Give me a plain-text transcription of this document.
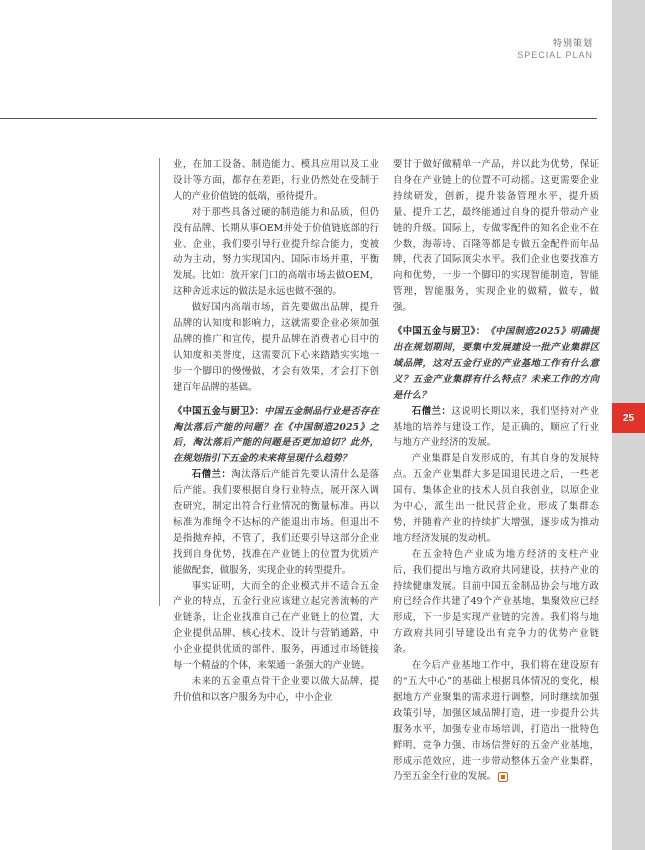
特别策划
SPECIAL PLAN
25

业，在加工设备、制造能力、模具应用以及工业设计等方面，都存在差距，行业仍然处在受制于人的产业价值链的低端，亟待提升。

对于那些具备过硬的制造能力和品质，但仍没有品牌、长期从事OEM并处于价值链底部的行业、企业，我们要引导行业提升综合能力，变被动为主动，努力实现国内、国际市场并重，平衡发展。比如：放开家门口的高端市场去做OEM，这种舍近求远的做法是永远也做不强的。

做好国内高端市场，首先要做出品牌，提升品牌的认知度和影响力，这就需要企业必须加强品牌的推广和宣传，提升品牌在消费者心目中的认知度和美誉度，这需要沉下心来踏踏实实地一步一个脚印的慢慢做，才会有效果，才会打下创建百年品牌的基础。

《中国五金与厨卫》：中国五金制品行业是否存在淘汰落后产能的问题？在《中国制造2025》之后，淘汰落后产能的问题是否更加迫切？此外，在规划指引下五金的未来将呈现什么趋势？

石僧兰：淘汰落后产能首先要认清什么是落后产能。我们要根据自身行业特点，展开深入调查研究，制定出符合行业情况的衡量标准。再以标准为准绳令不达标的产能退出市场。但退出不是指抛弃掉，不管了，我们还要引导这部分企业找到自身优势，找准在产业链上的位置为优质产能做配套，做服务，实现企业的转型提升。

事实证明，大而全的企业模式并不适合五金产业的特点，五金行业应该建立起完善流畅的产业链条，让企业找准自己在产业链上的位置，大企业提供品牌、核心技术、设计与营销通路，中小企业提供优质的部件、服务，再通过市场链接每一个精益的个体，来架通一条强大的产业链。

未来的五金重点骨干企业要以做大品牌，提升价值和以客户服务为中心，中小企业

要甘于做好做精单一产品，并以此为优势，保证自身在产业链上的位置不可动摇。这更需要企业持续研发，创新，提升装备管理水平，提升质量、提升工艺，最终能通过自身的提升带动产业链的升级。国际上，专做零配件的知名企业不在少数，海蒂诗、百隆等都是专做五金配件而年品牌，代表了国际顶尖水平。我们企业也要找准方向和优势，一步一个脚印的实现智能制造，智能管理，智能服务，实现企业的做精，做专，做强。

《中国五金与厨卫》：《中国制造2025》明确提出在规划期间，要集中发展建设一批产业集群区域品牌，这对五金行业的产业基地工作有什么意义？五金产业集群有什么特点？未来工作的方向是什么？

石僧兰：这说明长期以来，我们坚持对产业基地的培养与建设工作，是正确的，顺应了行业与地方产业经济的发展。

产业集群是自发形成的，有其自身的发展特点。五金产业集群大多是国退民进之后，一些老国有、集体企业的技术人员自我创业，以原企业为中心，派生出一批民营企业，形成了集群态势，并随着产业的持续扩大增强，逐步成为推动地方经济发展的发动机。

在五金特色产业成为地方经济的支柱产业后，我们提出与地方政府共同建设，扶持产业的持续健康发展。目前中国五金制品协会与地方政府已经合作共建了49个产业基地，集聚效应已经形成，下一步是实现产业链的完善。我们将与地方政府共同引导建设出有竞争力的优势产业链条。

在今后产业基地工作中，我们将在建设原有的“五大中心”的基础上根据具体情况的变化，根据地方产业聚集的需求进行调整，同时继续加强政策引导，加强区域品牌打造，进一步提升公共服务水平，加强专业市场培训，打造出一批特色鲜明、竞争力强、市场信誉好的五金产业基地，形成示范效应，进一步带动整体五金产业集群，乃至五金全行业的发展。
